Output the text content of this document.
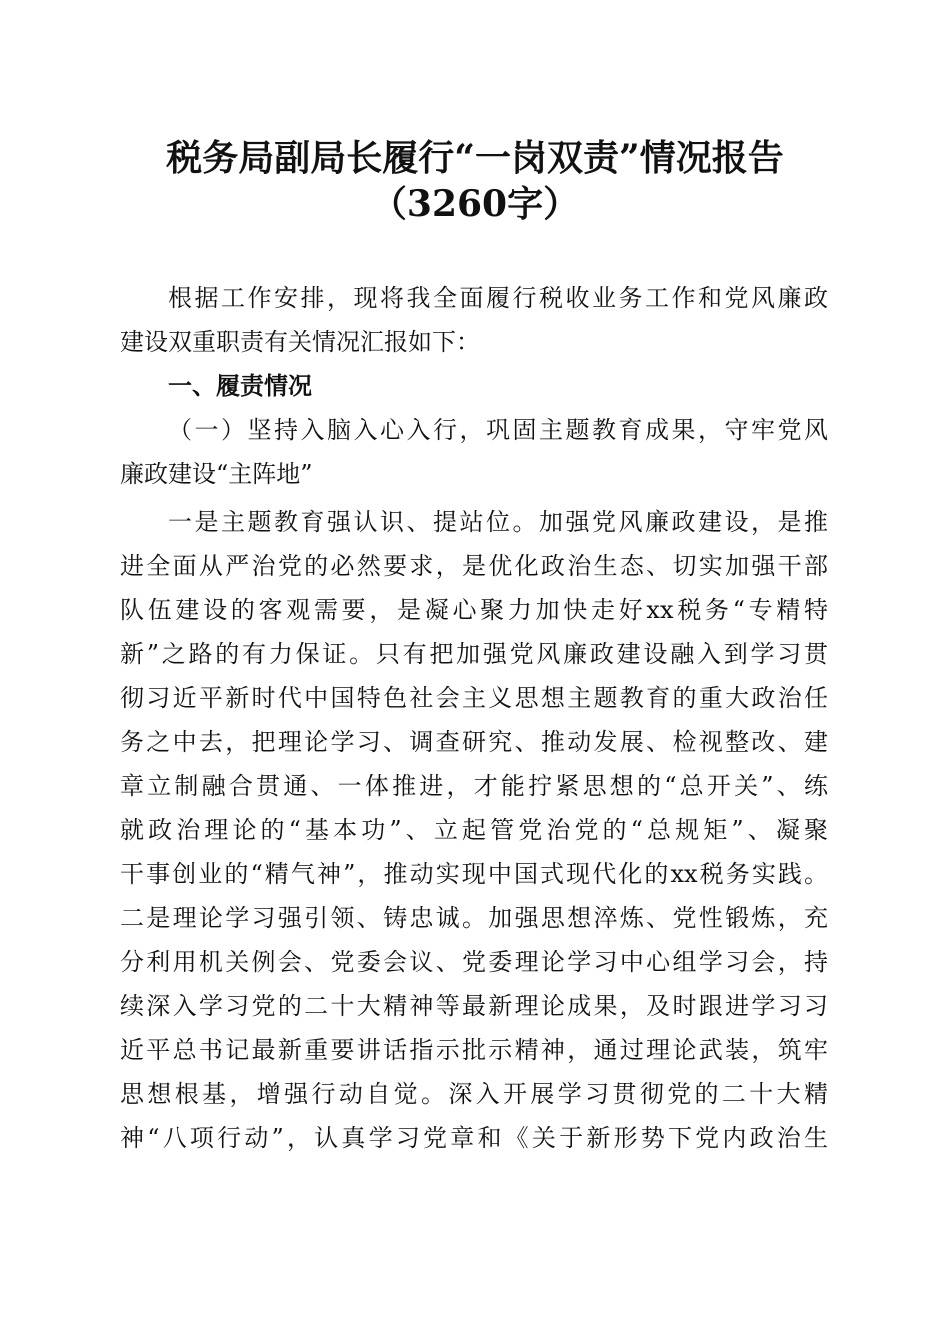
税务局副局长履行“一岗双责”情况报告
（3260字）
根据工作安排，现将我全面履行税收业务工作和党风廉政
建设双重职责有关情况汇报如下：
一、履责情况
（一）坚持入脑入心入行，巩固主题教育成果，守牢党风
廉政建设“主阵地”
一是主题教育强认识、提站位。加强党风廉政建设，是推
进全面从严治党的必然要求，是优化政治生态、切实加强干部
队伍建设的客观需要，是凝心聚力加快走好xx税务“专精特
新”之路的有力保证。只有把加强党风廉政建设融入到学习贯
彻习近平新时代中国特色社会主义思想主题教育的重大政治任
务之中去，把理论学习、调查研究、推动发展、检视整改、建
章立制融合贯通、一体推进，才能拧紧思想的“总开关”、练
就政治理论的“基本功”、立起管党治党的“总规矩”、凝聚
干事创业的“精气神”，推动实现中国式现代化的xx税务实践。
二是理论学习强引领、铸忠诚。加强思想淬炼、党性锻炼，充
分利用机关例会、党委会议、党委理论学习中心组学习会，持
续深入学习党的二十大精神等最新理论成果，及时跟进学习习
近平总书记最新重要讲话指示批示精神，通过理论武装，筑牢
思想根基，增强行动自觉。深入开展学习贯彻党的二十大精
神“八项行动”，认真学习党章和《关于新形势下党内政治生
